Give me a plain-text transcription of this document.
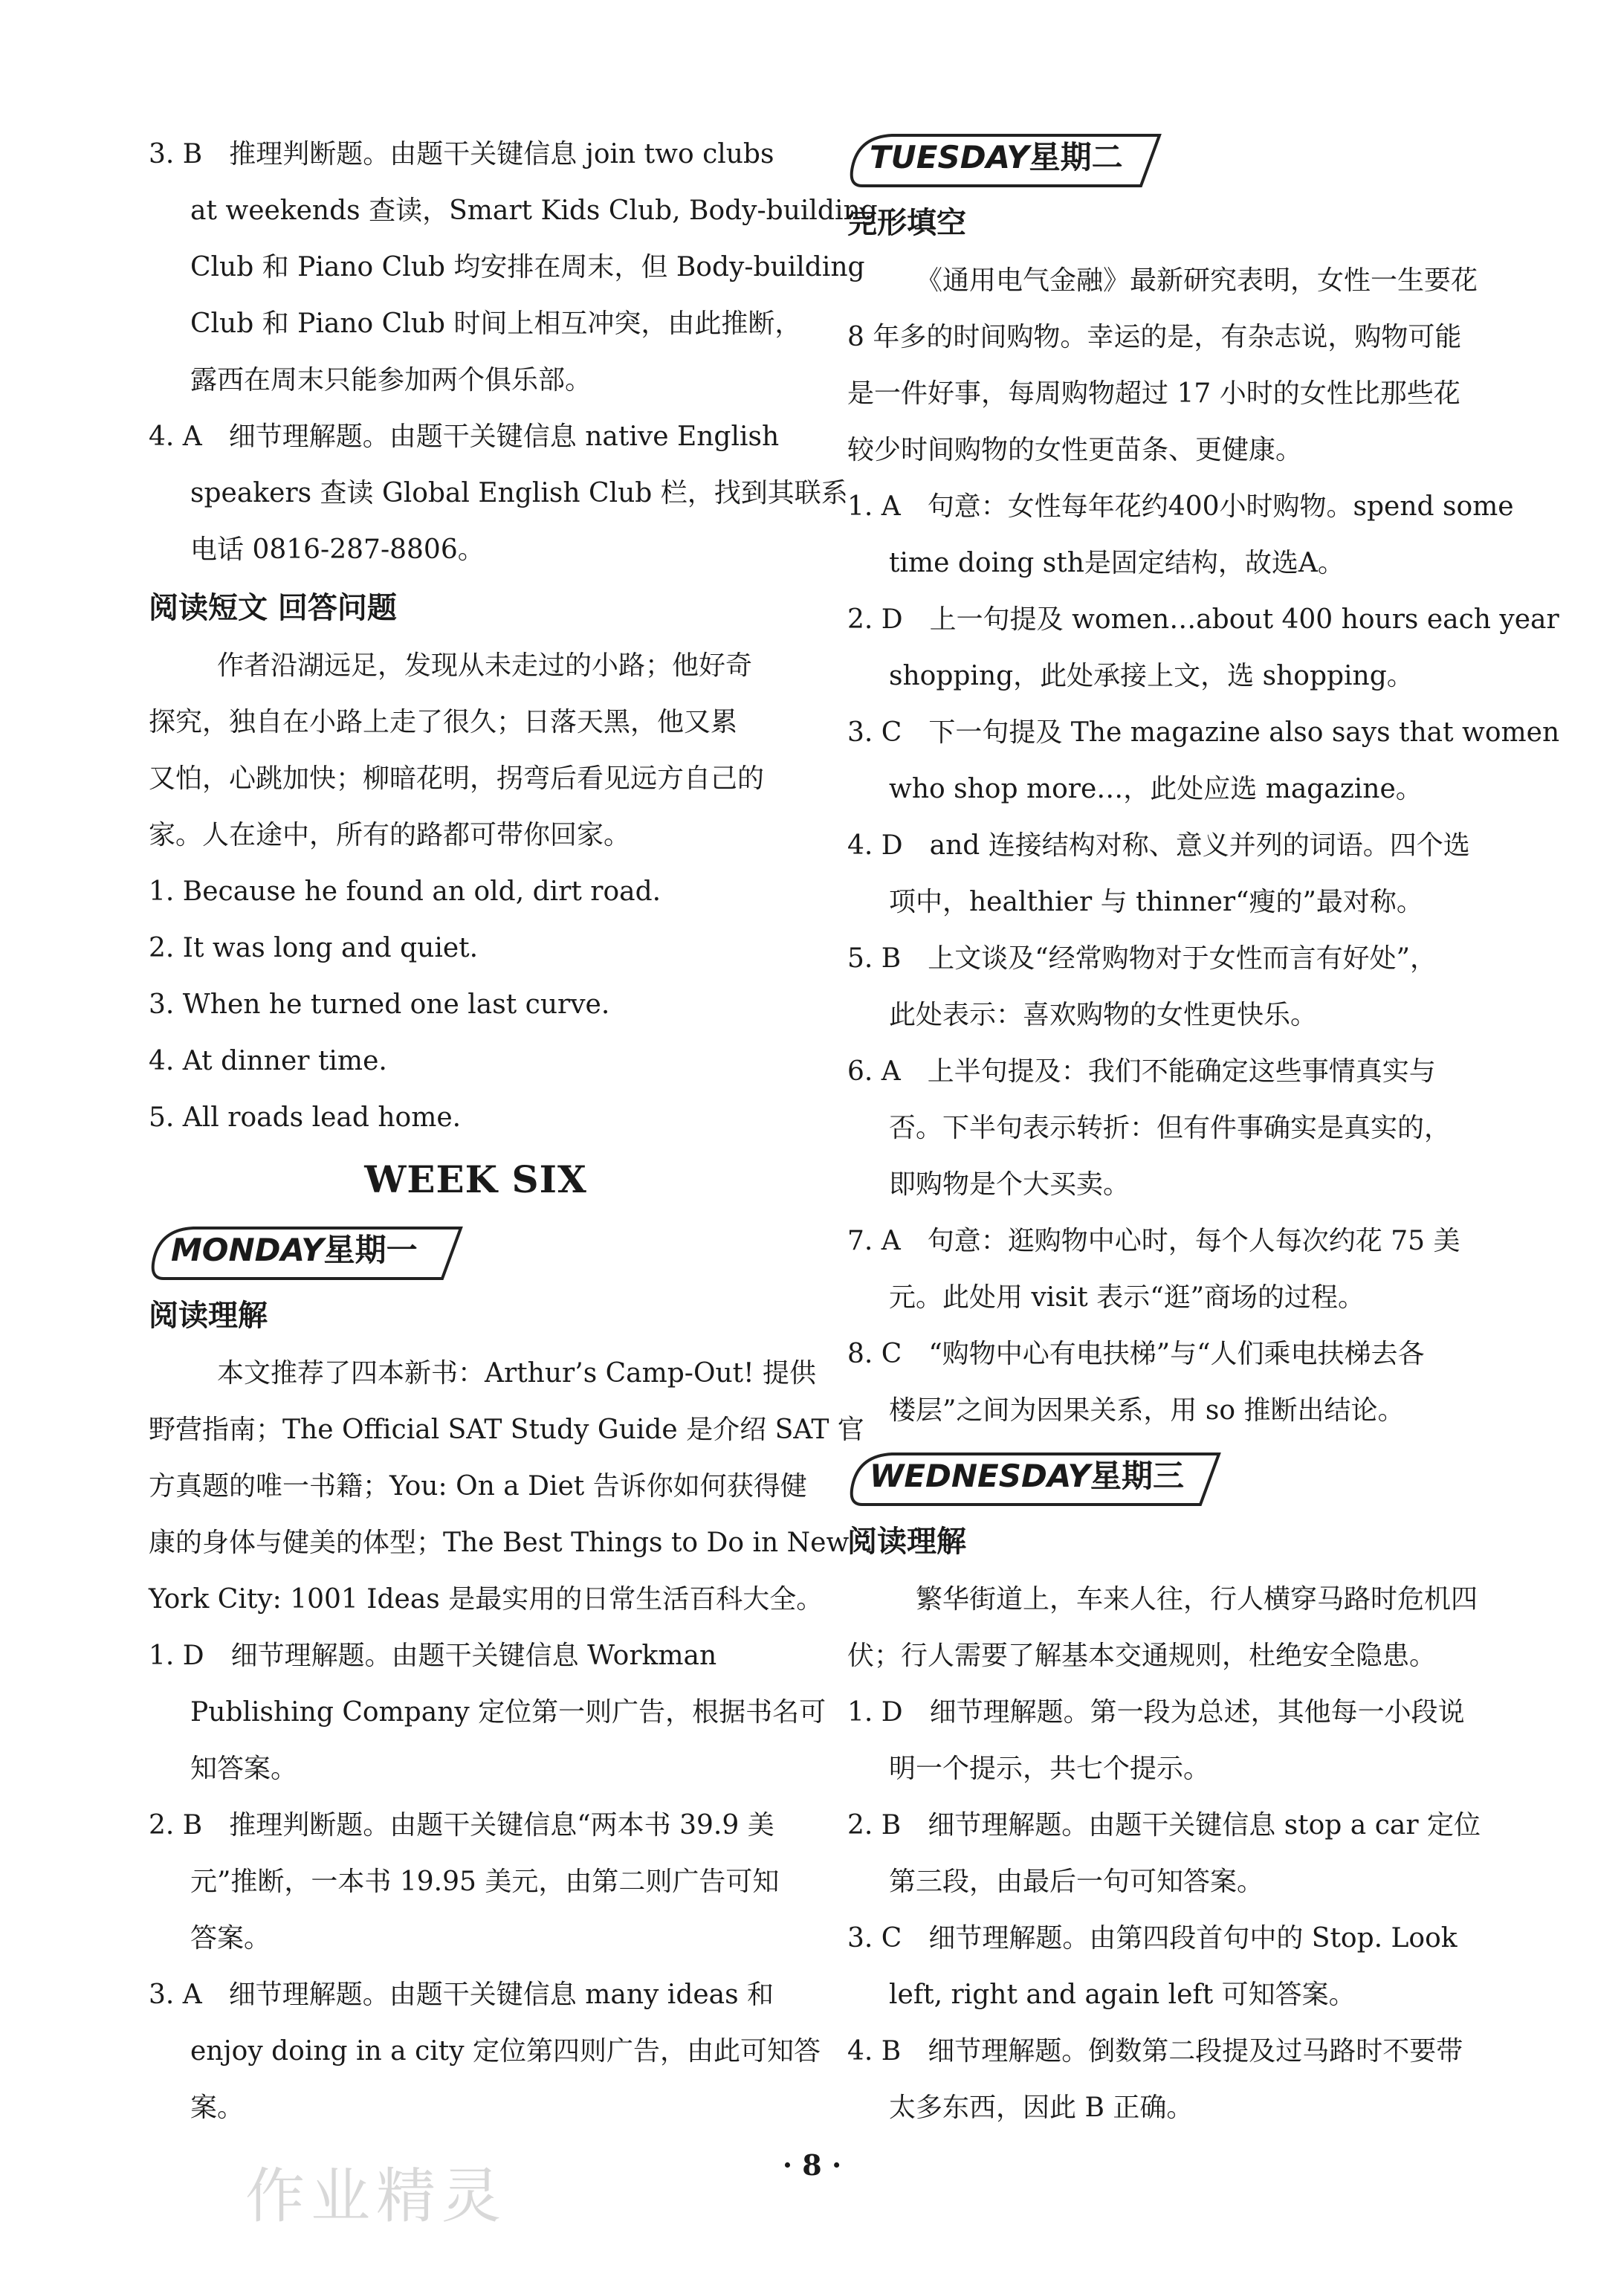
3. B　推理判断题。由题干关键信息 join two clubs

at weekends 查读，Smart Kids Club, Body-building

Club 和 Piano Club 均安排在周末，但 Body-building

Club 和 Piano Club 时间上相互冲突，由此推断，

露西在周末只能参加两个俱乐部。

4. A　细节理解题。由题干关键信息 native English

speakers 查读 Global English Club 栏，找到其联系

电话 0816-287-8806。

阅读短文 回答问题

作者沿湖远足，发现从未走过的小路；他好奇

探究，独自在小路上走了很久；日落天黑，他又累

又怕，心跳加快；柳暗花明，拐弯后看见远方自己的

家。人在途中，所有的路都可带你回家。

1. Because he found an old, dirt road.

2. It was long and quiet.

3. When he turned one last curve.

4. At dinner time.

5. All roads lead home.

WEEK SIX

MONDAY星期一

阅读理解

本文推荐了四本新书：Arthur’s Camp-Out! 提供

野营指南；The Official SAT Study Guide 是介绍 SAT 官

方真题的唯一书籍；You: On a Diet 告诉你如何获得健

康的身体与健美的体型；The Best Things to Do in New

York City: 1001 Ideas 是最实用的日常生活百科大全。

1. D　细节理解题。由题干关键信息 Workman

Publishing Company 定位第一则广告，根据书名可

知答案。

2. B　推理判断题。由题干关键信息“两本书 39.9 美

元”推断，一本书 19.95 美元，由第二则广告可知

答案。

3. A　细节理解题。由题干关键信息 many ideas 和

enjoy doing in a city 定位第四则广告，由此可知答

案。

TUESDAY星期二

完形填空

《通用电气金融》最新研究表明，女性一生要花

8 年多的时间购物。幸运的是，有杂志说，购物可能

是一件好事，每周购物超过 17 小时的女性比那些花

较少时间购物的女性更苗条、更健康。

1. A　句意：女性每年花约400小时购物。spend some

time doing sth是固定结构，故选A。

2. D　上一句提及 women…about 400 hours each year

shopping，此处承接上文，选 shopping。

3. C　下一句提及 The magazine also says that women

who shop more…，此处应选 magazine。

4. D　and 连接结构对称、意义并列的词语。四个选

项中，healthier 与 thinner“瘦的”最对称。

5. B　上文谈及“经常购物对于女性而言有好处”，

此处表示：喜欢购物的女性更快乐。

6. A　上半句提及：我们不能确定这些事情真实与

否。下半句表示转折：但有件事确实是真实的，

即购物是个大买卖。

7. A　句意：逛购物中心时，每个人每次约花 75 美

元。此处用 visit 表示“逛”商场的过程。

8. C　“购物中心有电扶梯”与“人们乘电扶梯去各

楼层”之间为因果关系，用 so 推断出结论。

WEDNESDAY星期三

阅读理解

繁华街道上，车来人往，行人横穿马路时危机四

伏；行人需要了解基本交通规则，杜绝安全隐患。

1. D　细节理解题。第一段为总述，其他每一小段说

明一个提示，共七个提示。

2. B　细节理解题。由题干关键信息 stop a car 定位

第三段，由最后一句可知答案。

3. C　细节理解题。由第四段首句中的 Stop. Look

left, right and again left 可知答案。

4. B　细节理解题。倒数第二段提及过马路时不要带

太多东西，因此 B 正确。

作业精灵	· 8 ·
